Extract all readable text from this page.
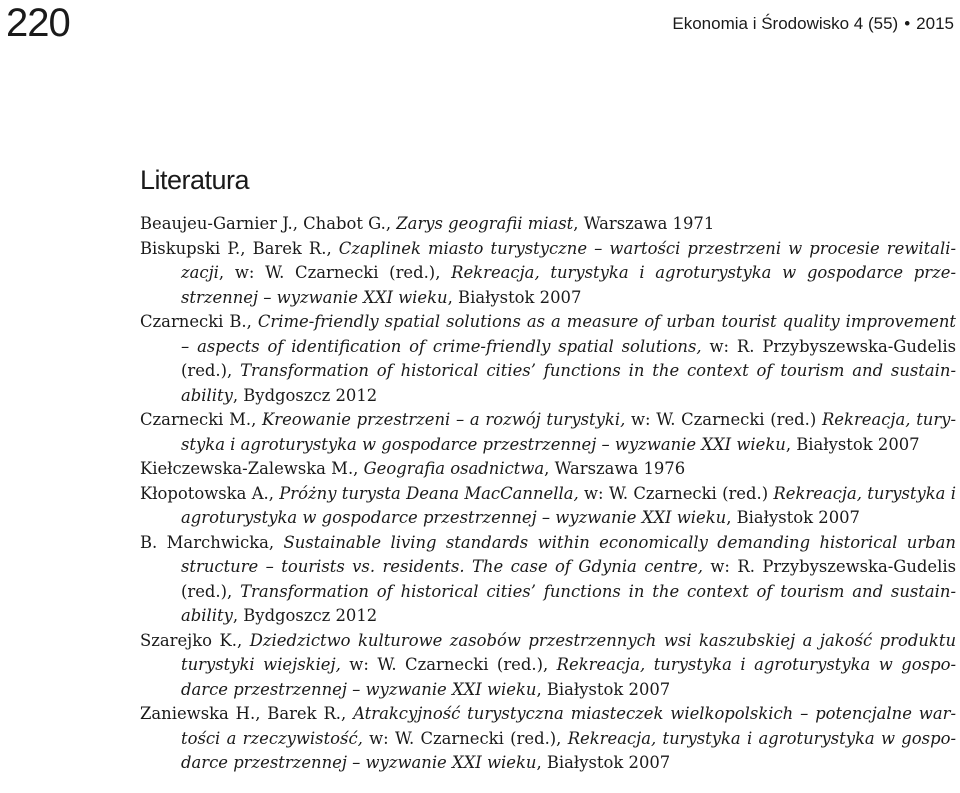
220	Ekonomia i Środowisko 4 (55) • 2015
Literatura
Beaujeu-Garnier J., Chabot G., Zarys geografii miast, Warszawa 1971
Biskupski P., Barek R., Czaplinek miasto turystyczne – wartości przestrzeni w procesie rewitalizacji, w: W. Czarnecki (red.), Rekreacja, turystyka i agroturystyka w gospodarce przestrzennej – wyzwanie XXI wieku, Białystok 2007
Czarnecki B., Crime-friendly spatial solutions as a measure of urban tourist quality improvement – aspects of identification of crime-friendly spatial solutions, w: R. Przybyszewska-Gudelis (red.), Transformation of historical cities’ functions in the context of tourism and sustainability, Bydgoszcz 2012
Czarnecki M., Kreowanie przestrzeni – a rozwój turystyki, w: W. Czarnecki (red.) Rekreacja, turystyka i agroturystyka w gospodarce przestrzennej – wyzwanie XXI wieku, Białystok 2007
Kiełczewska-Zalewska M., Geografia osadnictwa, Warszawa 1976
Kłopotowska A., Próżny turysta Deana MacCannella, w: W. Czarnecki (red.) Rekreacja, turystyka i agroturystyka w gospodarce przestrzennej – wyzwanie XXI wieku, Białystok 2007
B. Marchwicka, Sustainable living standards within economically demanding historical urban structure – tourists vs. residents. The case of Gdynia centre, w: R. Przybyszewska-Gudelis (red.), Transformation of historical cities’ functions in the context of tourism and sustainability, Bydgoszcz 2012
Szarejko K., Dziedzictwo kulturowe zasobów przestrzennych wsi kaszubskiej a jakość produktu turystyki wiejskiej, w: W. Czarnecki (red.), Rekreacja, turystyka i agroturystyka w gospodarce przestrzennej – wyzwanie XXI wieku, Białystok 2007
Zaniewska H., Barek R., Atrakcyjność turystyczna miasteczek wielkopolskich – potencjalne wartości a rzeczywistość, w: W. Czarnecki (red.), Rekreacja, turystyka i agroturystyka w gospodarce przestrzennej – wyzwanie XXI wieku, Białystok 2007
